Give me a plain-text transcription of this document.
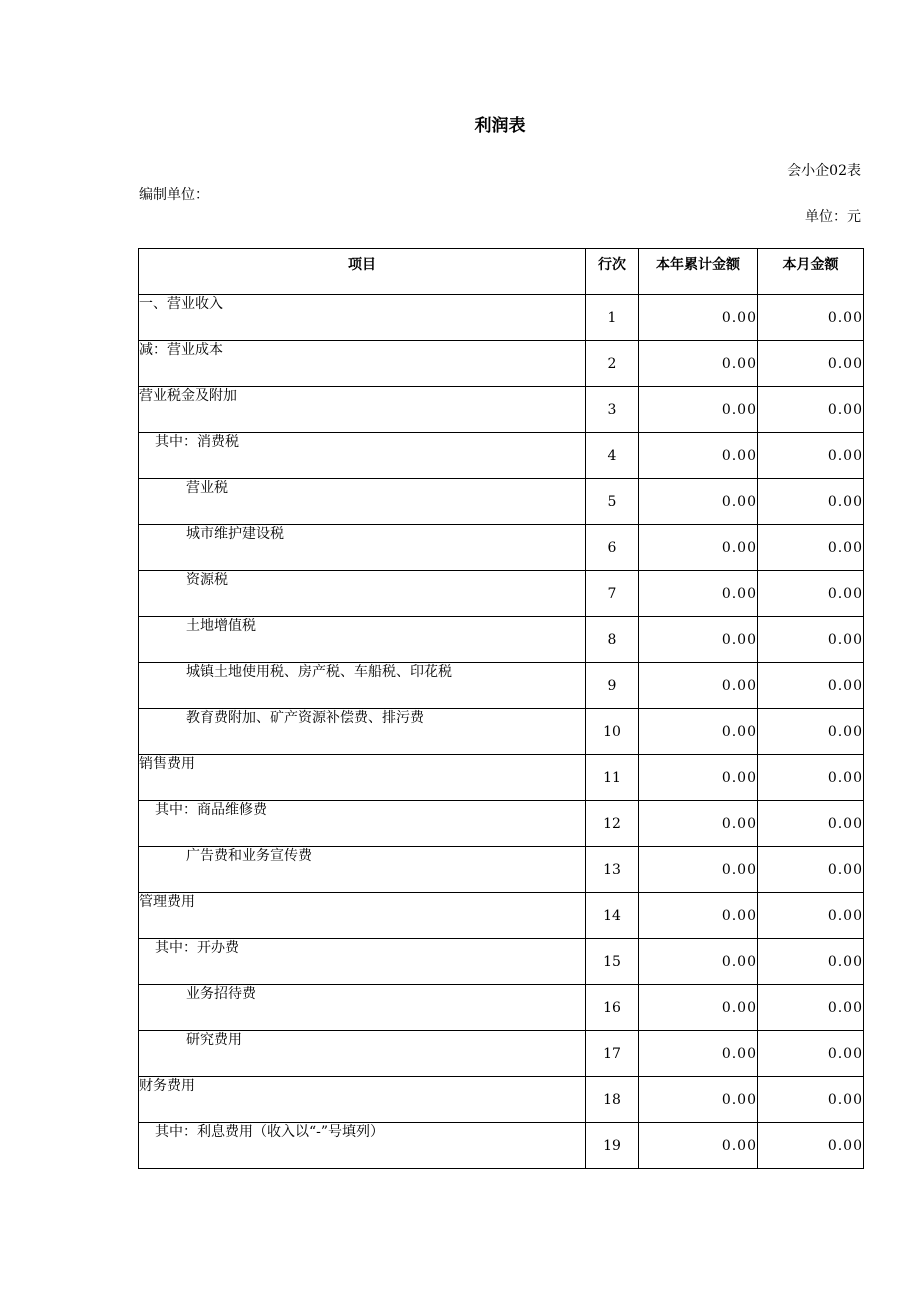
利润表
会小企02表
编制单位：
单位：元
项目	行次	本年累计金额	本月金额
一、营业收入	1	0.00	0.00
减：营业成本	2	0.00	0.00
营业税金及附加	3	0.00	0.00
其中：消费税	4	0.00	0.00
营业税	5	0.00	0.00
城市维护建设税	6	0.00	0.00
资源税	7	0.00	0.00
土地增值税	8	0.00	0.00
城镇土地使用税、房产税、车船税、印花税	9	0.00	0.00
教育费附加、矿产资源补偿费、排污费	10	0.00	0.00
销售费用	11	0.00	0.00
其中：商品维修费	12	0.00	0.00
广告费和业务宣传费	13	0.00	0.00
管理费用	14	0.00	0.00
其中：开办费	15	0.00	0.00
业务招待费	16	0.00	0.00
研究费用	17	0.00	0.00
财务费用	18	0.00	0.00
其中：利息费用（收入以“-”号填列）	19	0.00	0.00
